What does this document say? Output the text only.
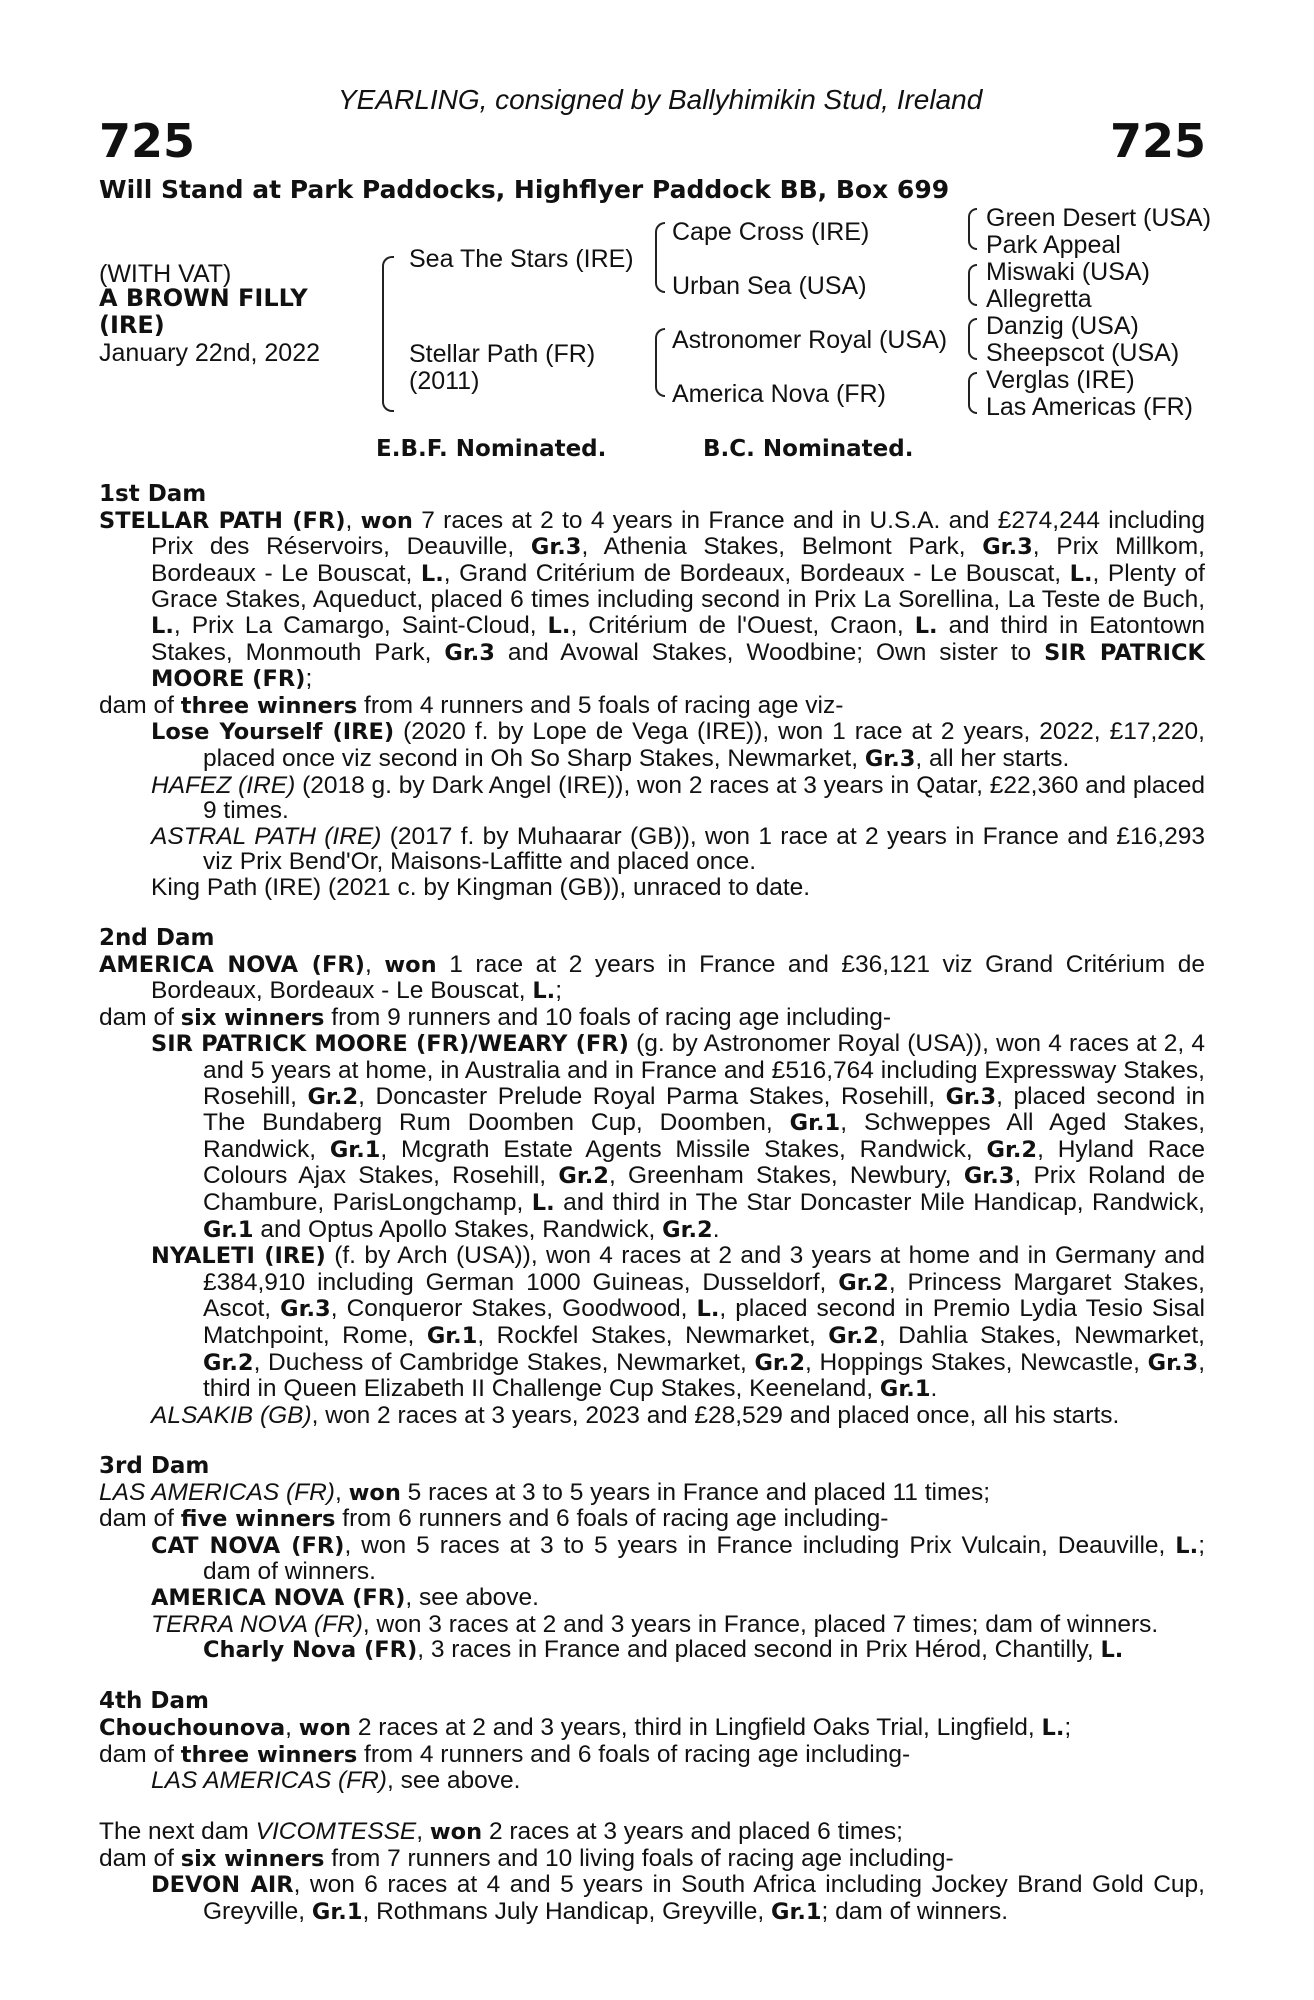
YEARLING, consigned by Ballyhimikin Stud, Ireland
725	725
Will Stand at Park Paddocks, Highflyer Paddock BB, Box 699
(WITH VAT)
A BROWN FILLY
(IRE)
January 22nd, 2022
Sea The Stars (IRE)
Stellar Path (FR)
(2011)
Cape Cross (IRE)
Urban Sea (USA)
Astronomer Royal (USA)
America Nova (FR)
Green Desert (USA)
Park Appeal
Miswaki (USA)
Allegretta
Danzig (USA)
Sheepscot (USA)
Verglas (IRE)
Las Americas (FR)
E.B.F. Nominated.	B.C. Nominated.
1st Dam

STELLAR PATH (FR), won 7 races at 2 to 4 years in France and in U.S.A. and £274,244 including Prix des Réservoirs, Deauville, Gr.3, Athenia Stakes, Belmont Park, Gr.3, Prix Millkom, Bordeaux - Le Bouscat, L., Grand Critérium de Bordeaux, Bordeaux - Le Bouscat, L., Plenty of Grace Stakes, Aqueduct, placed 6 times including second in Prix La Sorellina, La Teste de Buch, L., Prix La Camargo, Saint-Cloud, L., Critérium de l'Ouest, Craon, L. and third in Eatontown Stakes, Monmouth Park, Gr.3 and Avowal Stakes, Woodbine; Own sister to SIR PATRICK MOORE (FR);

dam of three winners from 4 runners and 5 foals of racing age viz-

Lose Yourself (IRE) (2020 f. by Lope de Vega (IRE)), won 1 race at 2 years, 2022, £17,220, placed once viz second in Oh So Sharp Stakes, Newmarket, Gr.3, all her starts.

HAFEZ (IRE) (2018 g. by Dark Angel (IRE)), won 2 races at 3 years in Qatar, £22,360 and placed 9 times.

ASTRAL PATH (IRE) (2017 f. by Muhaarar (GB)), won 1 race at 2 years in France and £16,293 viz Prix Bend'Or, Maisons-Laffitte and placed once.

King Path (IRE) (2021 c. by Kingman (GB)), unraced to date.

2nd Dam

AMERICA NOVA (FR), won 1 race at 2 years in France and £36,121 viz Grand Critérium de Bordeaux, Bordeaux - Le Bouscat, L.;

dam of six winners from 9 runners and 10 foals of racing age including-

SIR PATRICK MOORE (FR)/WEARY (FR) (g. by Astronomer Royal (USA)), won 4 races at 2, 4 and 5 years at home, in Australia and in France and £516,764 including Expressway Stakes, Rosehill, Gr.2, Doncaster Prelude Royal Parma Stakes, Rosehill, Gr.3, placed second in The Bundaberg Rum Doomben Cup, Doomben, Gr.1, Schweppes All Aged Stakes, Randwick, Gr.1, Mcgrath Estate Agents Missile Stakes, Randwick, Gr.2, Hyland Race Colours Ajax Stakes, Rosehill, Gr.2, Greenham Stakes, Newbury, Gr.3, Prix Roland de Chambure, ParisLongchamp, L. and third in The Star Doncaster Mile Handicap, Randwick, Gr.1 and Optus Apollo Stakes, Randwick, Gr.2.

NYALETI (IRE) (f. by Arch (USA)), won 4 races at 2 and 3 years at home and in Germany and £384,910 including German 1000 Guineas, Dusseldorf, Gr.2, Princess Margaret Stakes, Ascot, Gr.3, Conqueror Stakes, Goodwood, L., placed second in Premio Lydia Tesio Sisal Matchpoint, Rome, Gr.1, Rockfel Stakes, Newmarket, Gr.2, Dahlia Stakes, Newmarket, Gr.2, Duchess of Cambridge Stakes, Newmarket, Gr.2, Hoppings Stakes, Newcastle, Gr.3, third in Queen Elizabeth II Challenge Cup Stakes, Keeneland, Gr.1.

ALSAKIB (GB), won 2 races at 3 years, 2023 and £28,529 and placed once, all his starts.

3rd Dam

LAS AMERICAS (FR), won 5 races at 3 to 5 years in France and placed 11 times;

dam of five winners from 6 runners and 6 foals of racing age including-

CAT NOVA (FR), won 5 races at 3 to 5 years in France including Prix Vulcain, Deauville, L.; dam of winners.

AMERICA NOVA (FR), see above.

TERRA NOVA (FR), won 3 races at 2 and 3 years in France, placed 7 times; dam of winners.

Charly Nova (FR), 3 races in France and placed second in Prix Hérod, Chantilly, L.

4th Dam

Chouchounova, won 2 races at 2 and 3 years, third in Lingfield Oaks Trial, Lingfield, L.;

dam of three winners from 4 runners and 6 foals of racing age including-

LAS AMERICAS (FR), see above.

The next dam VICOMTESSE, won 2 races at 3 years and placed 6 times;

dam of six winners from 7 runners and 10 living foals of racing age including-

DEVON AIR, won 6 races at 4 and 5 years in South Africa including Jockey Brand Gold Cup, Greyville, Gr.1, Rothmans July Handicap, Greyville, Gr.1; dam of winners.
